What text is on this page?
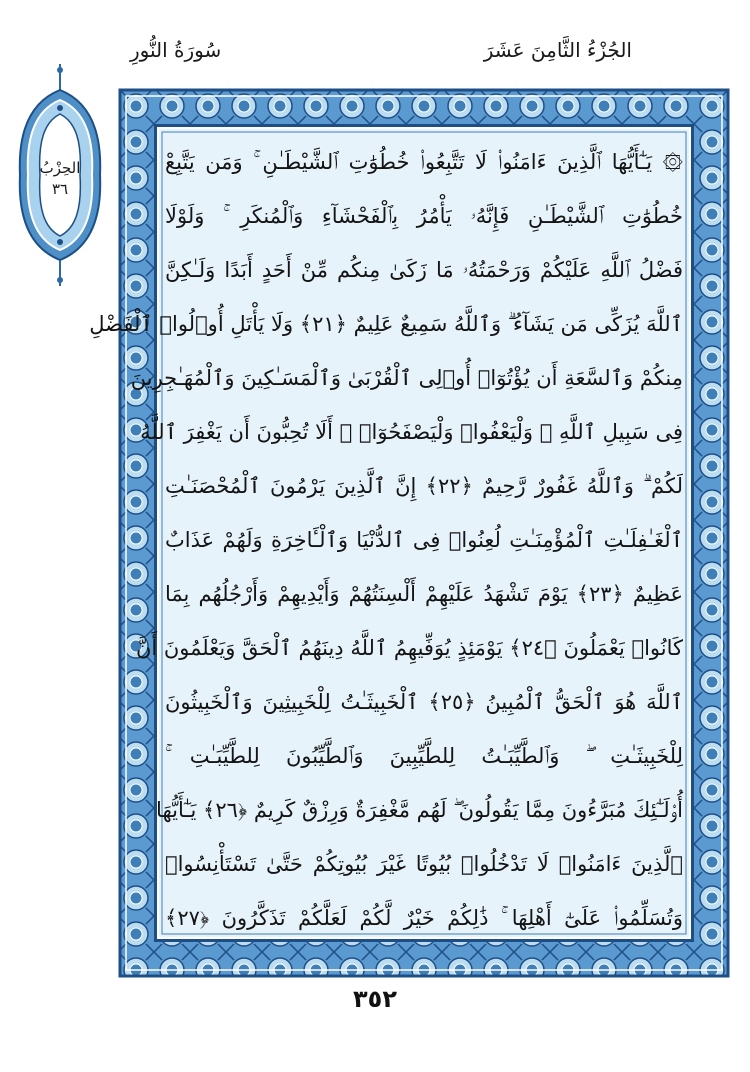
سُورَةُ النُّورِ	الجُزْءُ الثَّامِنَ عَشَرَ
الحِزْبُ
٣٦
۞ يَـٰٓأَيُّهَا ٱلَّذِينَ ءَامَنُوا۟ لَا تَتَّبِعُوا۟ خُطُوَٰتِ ٱلشَّيْطَـٰنِ ۚ وَمَن يَتَّبِعْ
خُطُوَٰتِ ٱلشَّيْطَـٰنِ فَإِنَّهُۥ يَأْمُرُ بِٱلْفَحْشَآءِ وَٱلْمُنكَرِ ۚ وَلَوْلَا
فَضْلُ ٱللَّهِ عَلَيْكُمْ وَرَحْمَتُهُۥ مَا زَكَىٰ مِنكُم مِّنْ أَحَدٍ أَبَدًا وَلَـٰكِنَّ
ٱللَّهَ يُزَكِّى مَن يَشَآءُ ۗ وَٱللَّهُ سَمِيعٌ عَلِيمٌ ﴿٢١﴾ وَلَا يَأْتَلِ أُو۟لُوا۟ ٱلْفَضْلِ
مِنكُمْ وَٱلسَّعَةِ أَن يُؤْتُوٓا۟ أُو۟لِى ٱلْقُرْبَىٰ وَٱلْمَسَـٰكِينَ وَٱلْمُهَـٰجِرِينَ
فِى سَبِيلِ ٱللَّهِ ۖ وَلْيَعْفُوا۟ وَلْيَصْفَحُوٓا۟ ۗ أَلَا تُحِبُّونَ أَن يَغْفِرَ ٱللَّهُ
لَكُمْ ۗ وَٱللَّهُ غَفُورٌ رَّحِيمٌ ﴿٢٢﴾ إِنَّ ٱلَّذِينَ يَرْمُونَ ٱلْمُحْصَنَـٰتِ
ٱلْغَـٰفِلَـٰتِ ٱلْمُؤْمِنَـٰتِ لُعِنُوا۟ فِى ٱلدُّنْيَا وَٱلْـَٔاخِرَةِ وَلَهُمْ عَذَابٌ
عَظِيمٌ ﴿٢٣﴾ يَوْمَ تَشْهَدُ عَلَيْهِمْ أَلْسِنَتُهُمْ وَأَيْدِيهِمْ وَأَرْجُلُهُم بِمَا
كَانُوا۟ يَعْمَلُونَ ﴿٢٤﴾ يَوْمَئِذٍ يُوَفِّيهِمُ ٱللَّهُ دِينَهُمُ ٱلْحَقَّ وَيَعْلَمُونَ أَنَّ
ٱللَّهَ هُوَ ٱلْحَقُّ ٱلْمُبِينُ ﴿٢٥﴾ ٱلْخَبِيثَـٰتُ لِلْخَبِيثِينَ وَٱلْخَبِيثُونَ
لِلْخَبِيثَـٰتِ ۖ وَٱلطَّيِّبَـٰتُ لِلطَّيِّبِينَ وَٱلطَّيِّبُونَ لِلطَّيِّبَـٰتِ ۚ
أُو۟لَـٰٓئِكَ مُبَرَّءُونَ مِمَّا يَقُولُونَ ۖ لَهُم مَّغْفِرَةٌ وَرِزْقٌ كَرِيمٌ ﴿٢٦﴾ يَـٰٓأَيُّهَا
ٱلَّذِينَ ءَامَنُوا۟ لَا تَدْخُلُوا۟ بُيُوتًا غَيْرَ بُيُوتِكُمْ حَتَّىٰ تَسْتَأْنِسُوا۟
وَتُسَلِّمُوا۟ عَلَىٰٓ أَهْلِهَا ۚ ذَٰلِكُمْ خَيْرٌ لَّكُمْ لَعَلَّكُمْ تَذَكَّرُونَ ﴿٢٧﴾
٣٥٢
